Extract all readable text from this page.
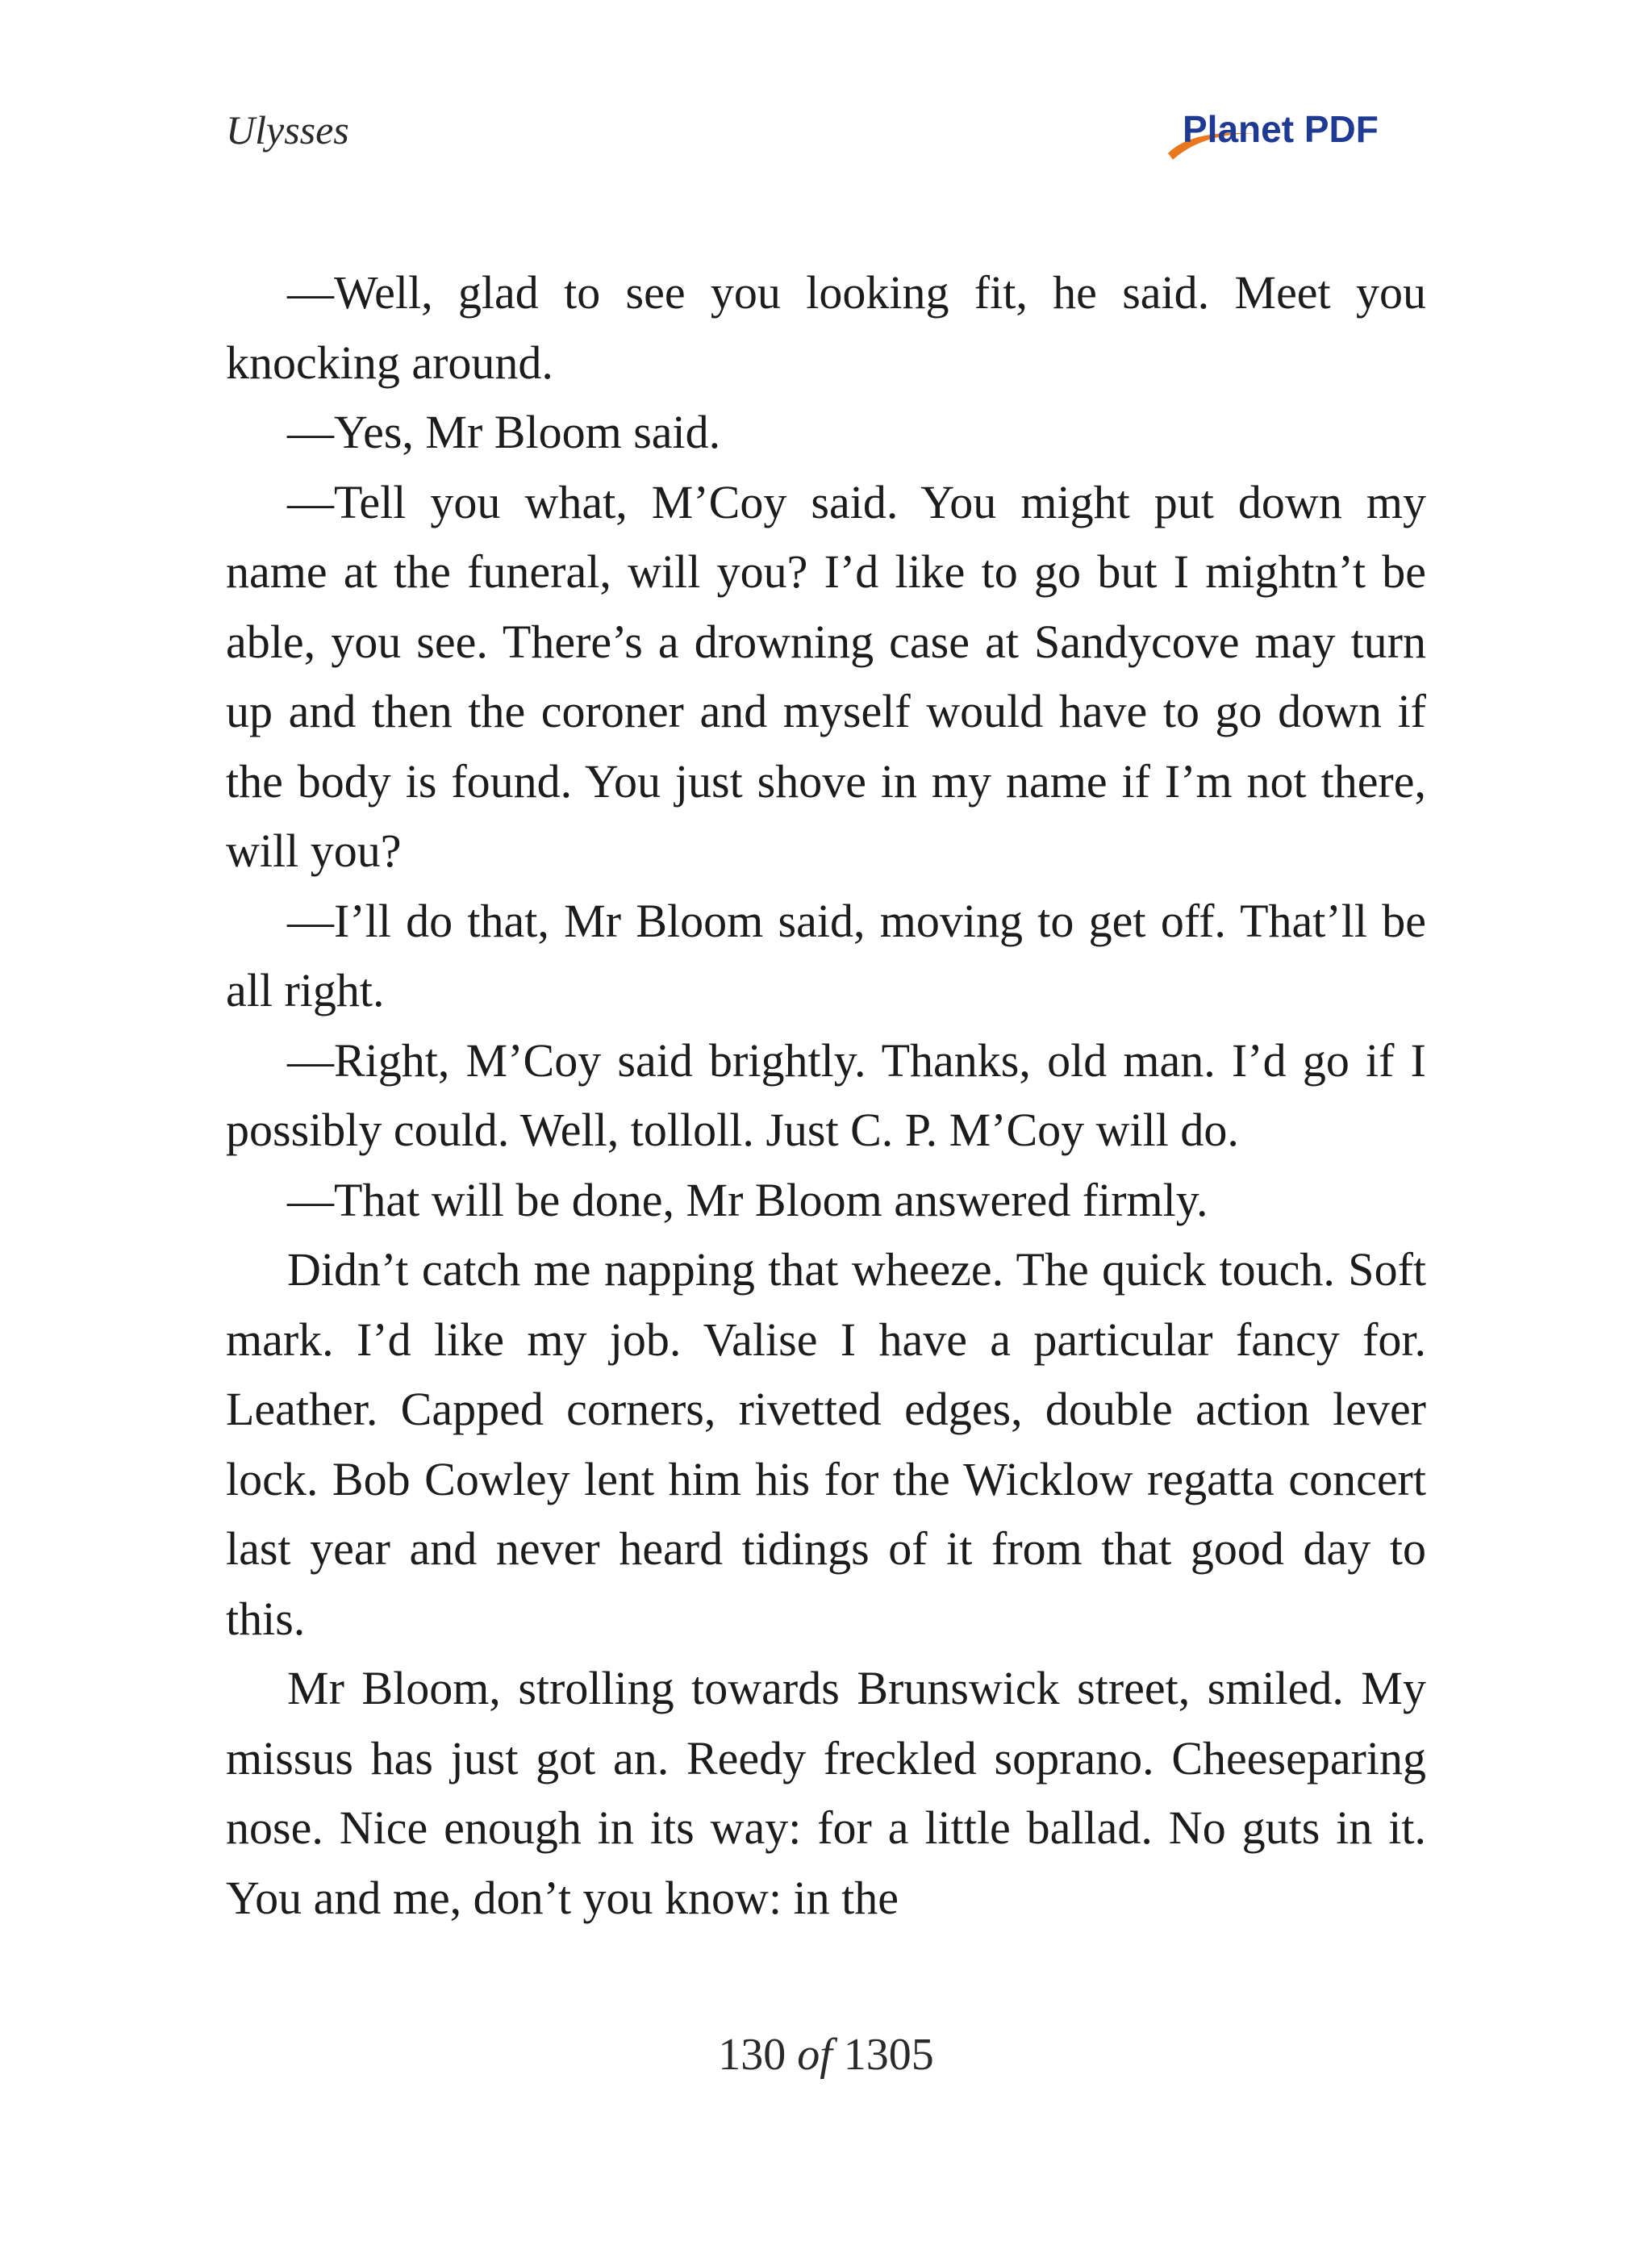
Ulysses	Planet PDF

—Well, glad to see you looking fit, he said. Meet you knocking around.

—Yes, Mr Bloom said.

—Tell you what, M’Coy said. You might put down my name at the funeral, will you? I’d like to go but I mightn’t be able, you see. There’s a drowning case at Sandycove may turn up and then the coroner and myself would have to go down if the body is found. You just shove in my name if I’m not there, will you?

—I’ll do that, Mr Bloom said, moving to get off. That’ll be all right.

—Right, M’Coy said brightly. Thanks, old man. I’d go if I possibly could. Well, tolloll. Just C. P. M’Coy will do.

—That will be done, Mr Bloom answered firmly.

Didn’t catch me napping that wheeze. The quick touch. Soft mark. I’d like my job. Valise I have a particular fancy for. Leather. Capped corners, rivetted edges, double action lever lock. Bob Cowley lent him his for the Wicklow regatta concert last year and never heard tidings of it from that good day to this.

Mr Bloom, strolling towards Brunswick street, smiled. My missus has just got an. Reedy freckled soprano. Cheeseparing nose. Nice enough in its way: for a little ballad. No guts in it. You and me, don’t you know: in the

130 of 1305
